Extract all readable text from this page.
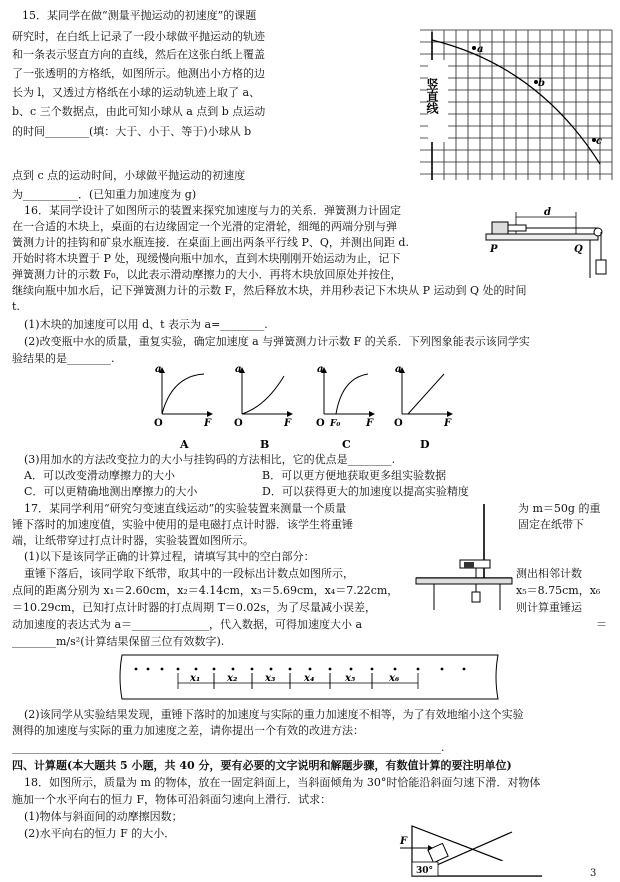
15．某同学在做“测量平抛运动的初速度”的课题
研究时，在白纸上记录了一段小球做平抛运动的轨迹
和一条表示竖直方向的直线，然后在这张白纸上覆盖
了一张透明的方格纸，如图所示。他测出小方格的边
长为 l，又透过方格纸在小球的运动轨迹上取了 a、
b、c 三个数据点，由此可知小球从 a 点到 b 点运动
的时间________(填：大于、小于、等于)小球从 b
点到 c 点的运动时间，小球做平抛运动的初速度
为__________．(已知重力加速度为 g)
竖直线
a
b
c
16．某同学设计了如图所示的装置来探究加速度与力的关系．弹簧测力计固定
在一合适的木块上，桌面的右边缘固定一个光滑的定滑轮，细绳的两端分别与弹
簧测力计的挂钩和矿泉水瓶连接．在桌面上画出两条平行线 P、Q，并测出间距 d.
开始时将木块置于 P 处，现缓慢向瓶中加水，直到木块刚刚开始运动为止，记下
弹簧测力计的示数 F₀，以此表示滑动摩擦力的大小．再将木块放回原处并按住，
继续向瓶中加水后，记下弹簧测力计的示数 F，然后释放木块，并用秒表记下木块从 P 运动到 Q 处的时间
t.
(1)木块的加速度可以用 d、t 表示为 a=________.
(2)改变瓶中水的质量，重复实验，确定加速度 a 与弹簧测力计示数 F 的关系．下列图象能表示该同学实
验结果的是________.
d
P	Q
a
O	F
A
a
O	F
B
a
O F₀	F
C
a
O	F
D
(3)用加水的方法改变拉力的大小与挂钩码的方法相比，它的优点是________.
A．可以改变滑动摩擦力的大小	B．可以更方便地获取更多组实验数据
C．可以更精确地测出摩擦力的大小	D．可以获得更大的加速度以提高实验精度
17．某同学利用“研究匀变速直线运动”的实验装置来测量一个质量	为 m＝50g 的重
锤下落时的加速度值，实验中使用的是电磁打点计时器．该学生将重锤	固定在纸带下
端，让纸带穿过打点计时器，实验装置如图所示。
(1)以下是该同学正确的计算过程，请填写其中的空白部分：
重锤下落后，该同学取下纸带，取其中的一段标出计数点如图所示，	测出相邻计数
点间的距离分别为 x₁＝2.60cm，x₂＝4.14cm，x₃＝5.69cm，x₄＝7.22cm，	x₅＝8.75cm，x₆
＝10.29cm，已知打点计时器的打点周期 T＝0.02s，为了尽量减小误差，	则计算重锤运
动加速度的表达式为 a＝______________，代入数据，可得加速度大小 a	＝
________m/s²(计算结果保留三位有效数字).
x₁	x₂	x₃	x₄	x₅	x₆
(2)该同学从实验结果发现，重锤下落时的加速度与实际的重力加速度不相等，为了有效地缩小这个实验
测得的加速度与实际的重力加速度之差，请你提出一个有效的改进方法：
______________________________________________________________________________.
四、计算题(本大题共 5 小题，共 40 分，要有必要的文字说明和解题步骤，有数值计算的要注明单位)
18．如图所示，质量为 m 的物体，放在一固定斜面上，当斜面倾角为 30°时恰能沿斜面匀速下滑．对物体
施加一个水平向右的恒力 F，物体可沿斜面匀速向上滑行．试求：
(1)物体与斜面间的动摩擦因数；
(2)水平向右的恒力 F 的大小．
F
30°	3
